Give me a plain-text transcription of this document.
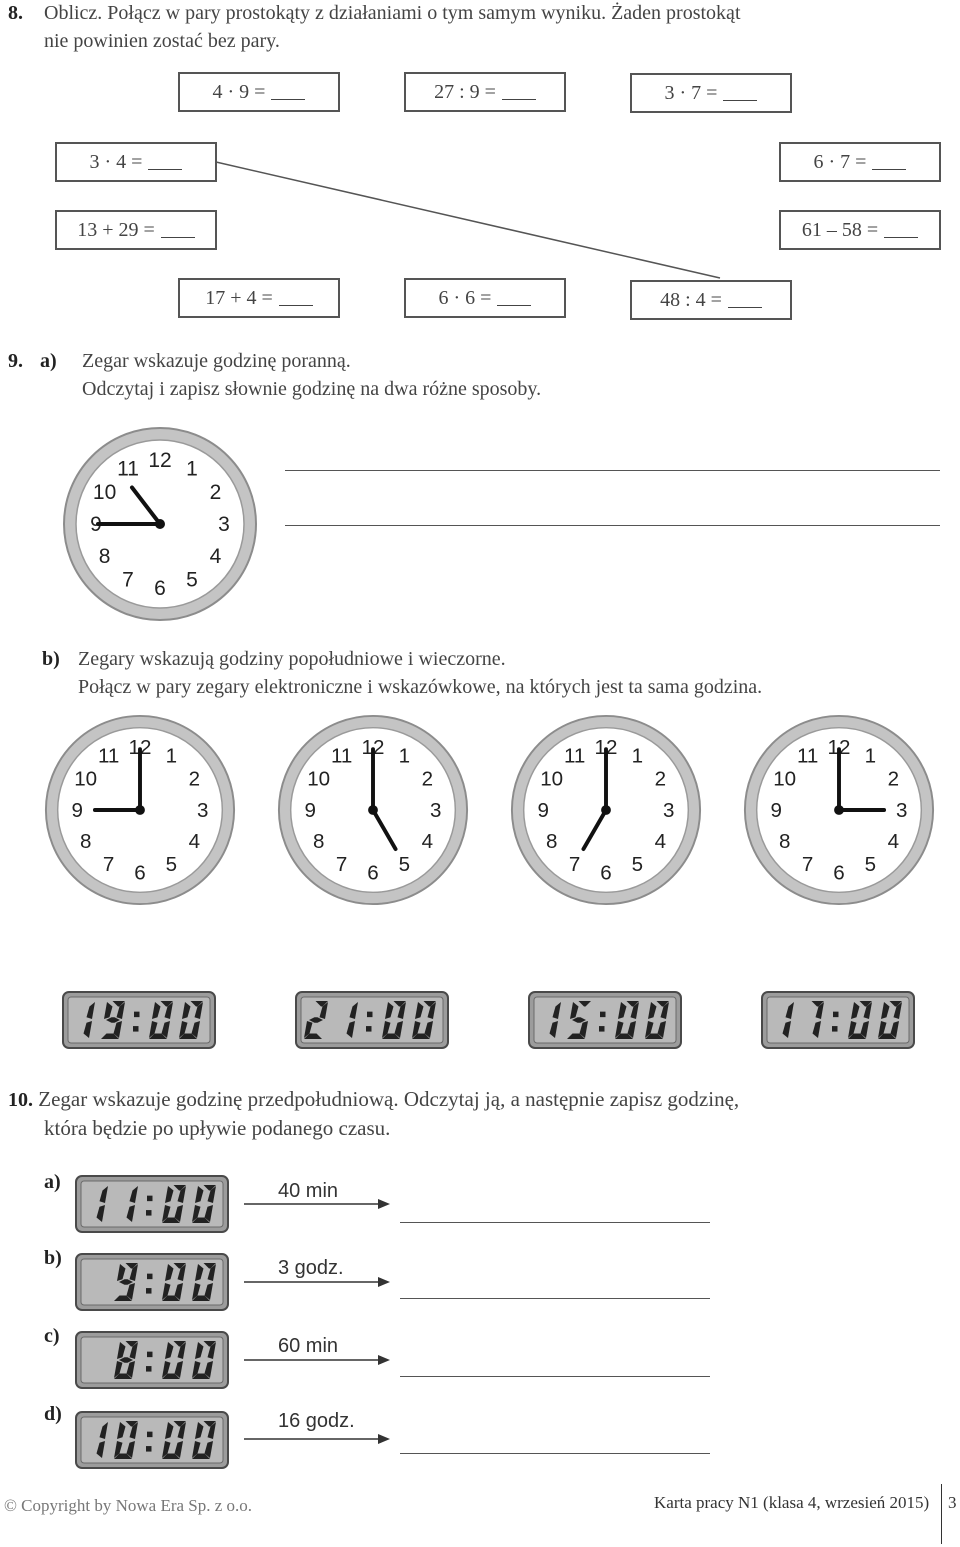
8. Oblicz. Połącz w pary prostokąty z działaniami o tym samym wyniku. Żaden prostokąt
nie powinien zostać bez pary.
4 · 9 =	27 : 9 =	3 · 7 =
3 · 4 =	6 · 7 =
13 + 29 =	61 – 58 =
17 + 4 =	6 · 6 =	48 : 4 =
9. a) Zegar wskazuje godzinę poranną.
Odczytaj i zapisz słownie godzinę na dwa różne sposoby.
12 1
2
3
4
5
6
7
8
9
10
11
b) Zegary wskazują godziny popołudniowe i wieczorne.
Połącz w pary zegary elektroniczne i wskazówkowe, na których jest ta sama godzina.
12 1
2
3
4
5
6
7
8
9
10
11	12 1
2
3
4
5
6
7
8
9
10
11	12 1
2
3
4
5
6
7
8
9
10
11	12 1
2
3
4
5
6
7
8
9
10
11
21:00	15:00	17:00
10. Zegar wskazuje godzinę przedpołudniową. Odczytaj ją, a następnie zapisz godzinę,
która będzie po upływie podanego czasu.
a)	40 min
b)	3 godz.
c)	60 min
d)	16 godz.
© Copyright by Nowa Era Sp. z o.o.	Karta pracy N1 (klasa 4, wrzesień 2015) 3
